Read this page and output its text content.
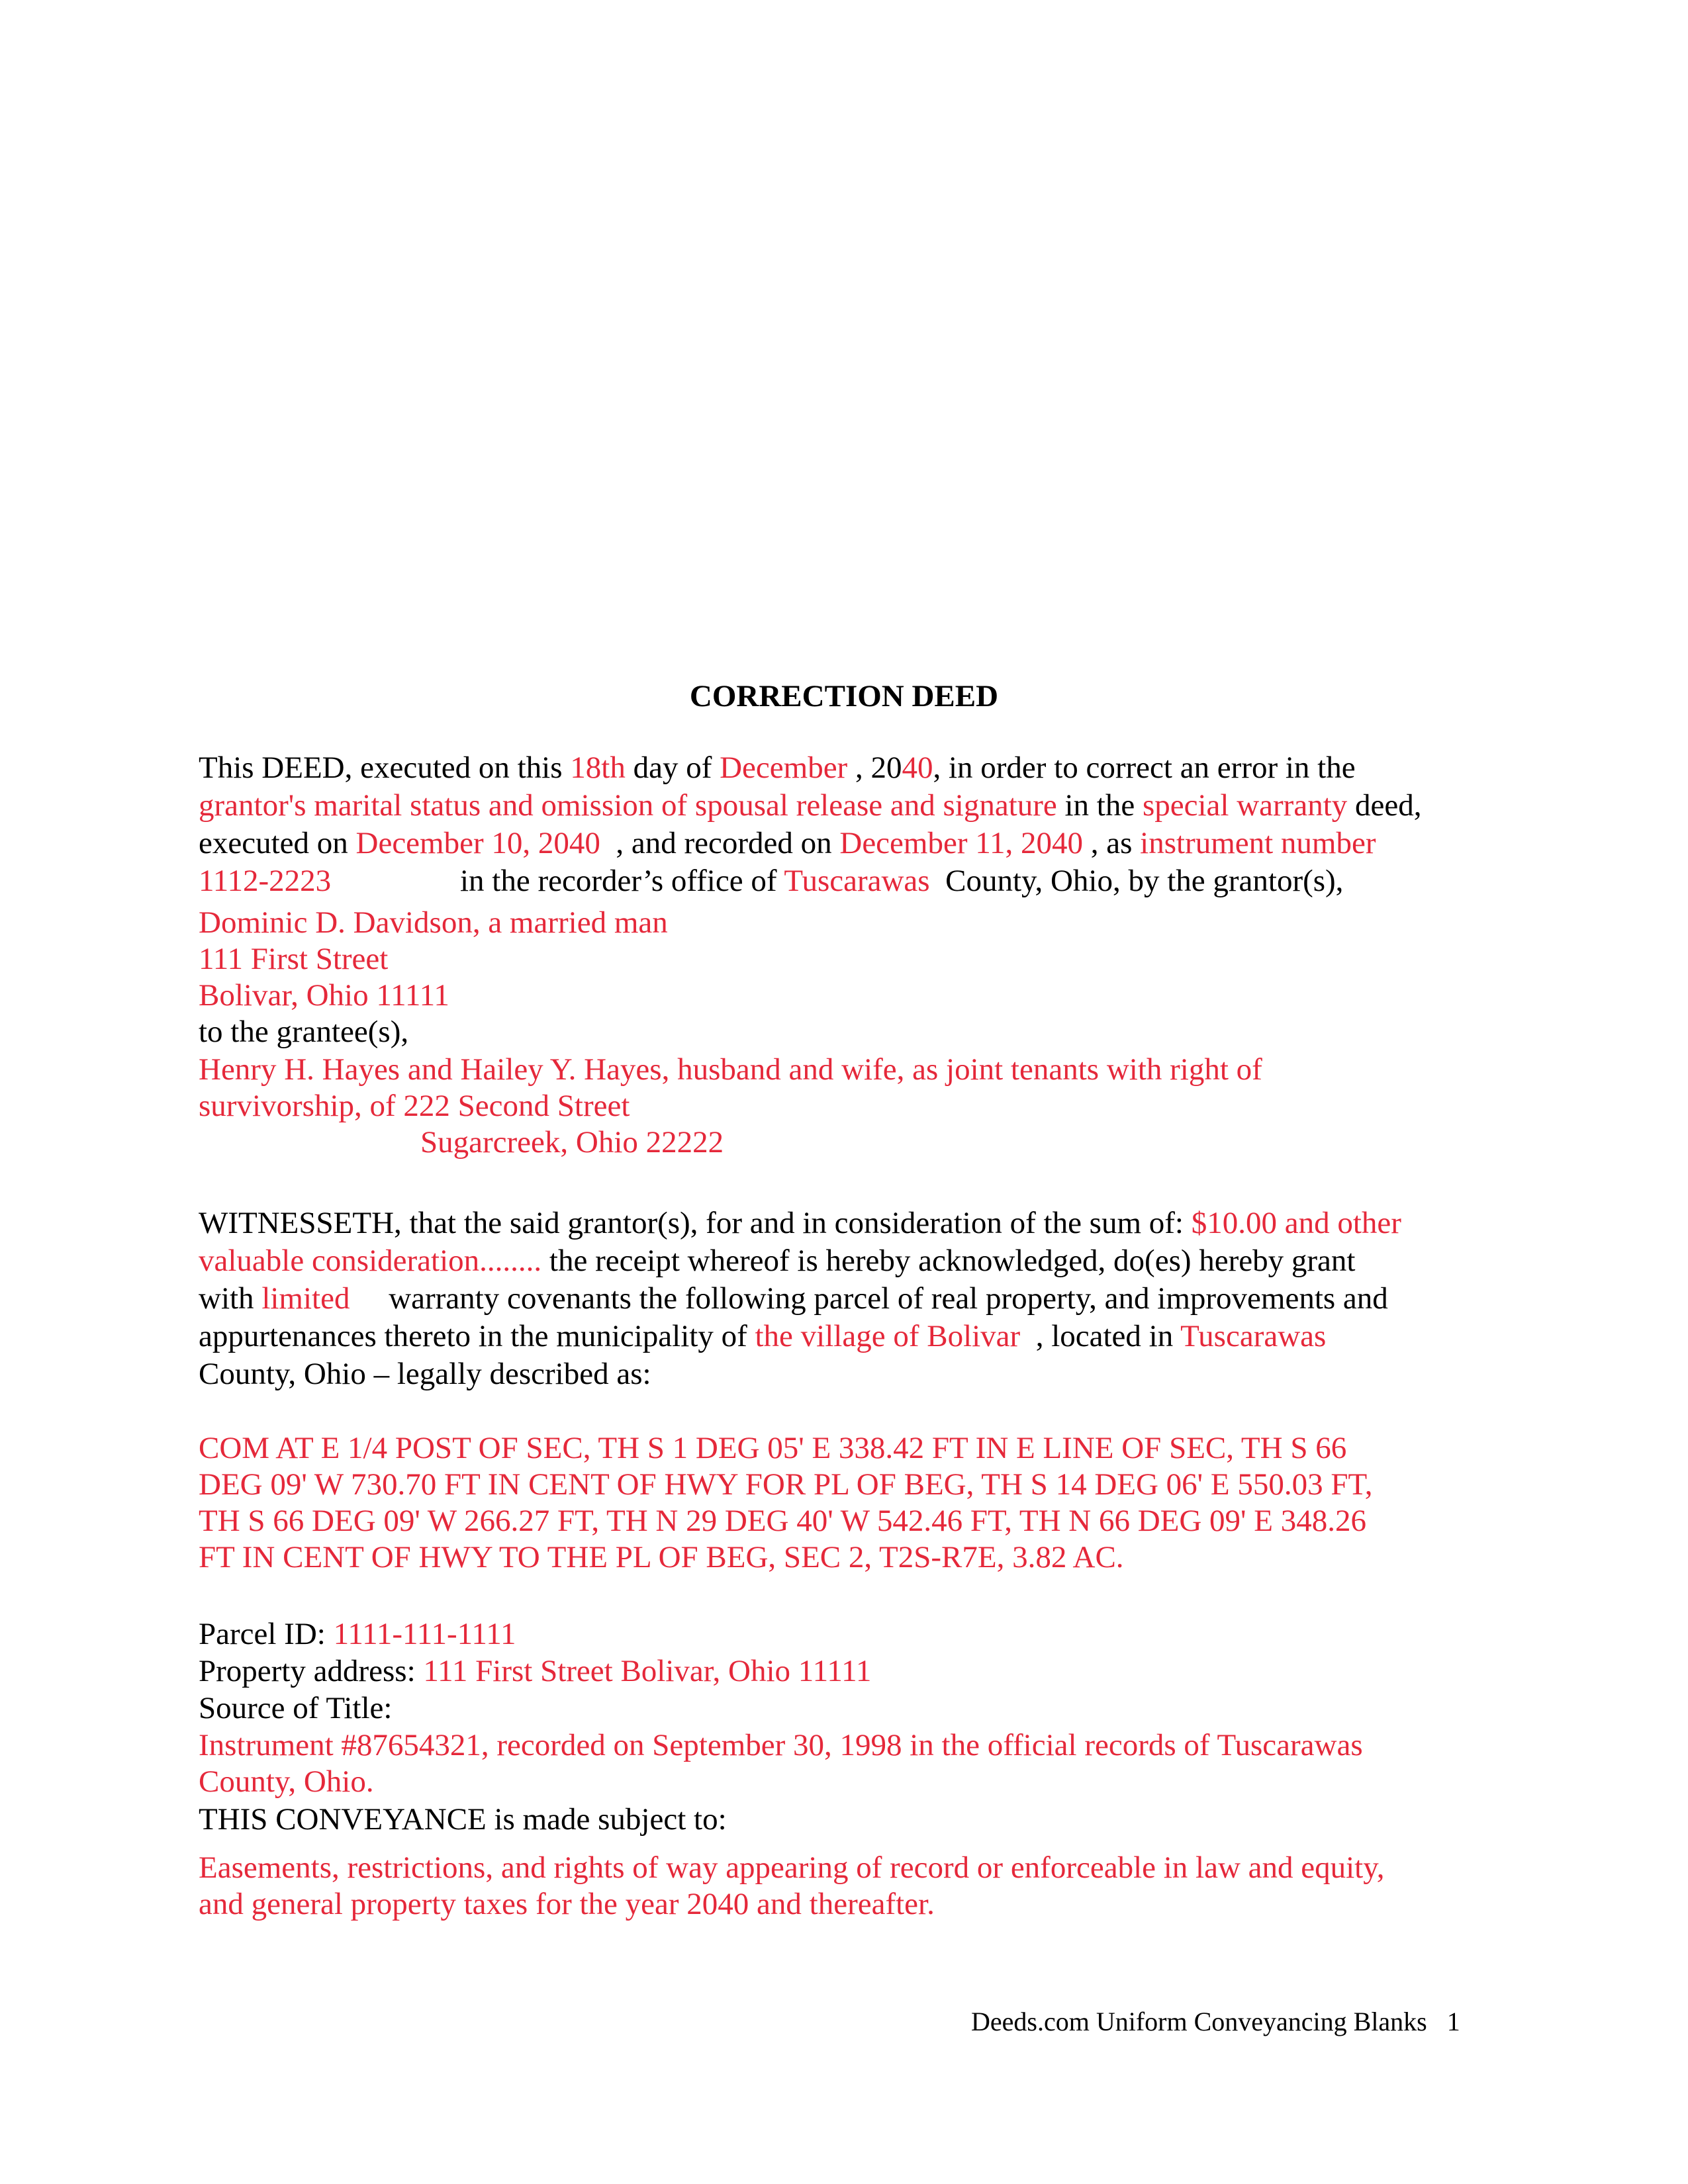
CORRECTION DEED
This DEED, executed on this 18th day of December , 2040, in order to correct an error in the
grantor's marital status and omission of spousal release and signature in the special warranty deed,
executed on December 10, 2040  , and recorded on December 11, 2040 , as instrument number
1112-2223	in the recorder’s office of Tuscarawas  County, Ohio, by the grantor(s),
Dominic D. Davidson, a married man
111 First Street
Bolivar, Ohio 11111
to the grantee(s),
Henry H. Hayes and Hailey Y. Hayes, husband and wife, as joint tenants with right of
survivorship, of 222 Second Street
Sugarcreek, Ohio 22222
WITNESSETH, that the said grantor(s), for and in consideration of the sum of: $10.00 and other
valuable consideration........ the receipt whereof is hereby acknowledged, do(es) hereby grant
with limited     warranty covenants the following parcel of real property, and improvements and
appurtenances thereto in the municipality of the village of Bolivar  , located in Tuscarawas
County, Ohio – legally described as:
COM AT E 1/4 POST OF SEC, TH S 1 DEG 05' E 338.42 FT IN E LINE OF SEC, TH S 66
DEG 09' W 730.70 FT IN CENT OF HWY FOR PL OF BEG, TH S 14 DEG 06' E 550.03 FT,
TH S 66 DEG 09' W 266.27 FT, TH N 29 DEG 40' W 542.46 FT, TH N 66 DEG 09' E 348.26
FT IN CENT OF HWY TO THE PL OF BEG, SEC 2, T2S-R7E, 3.82 AC.
Parcel ID: 1111-111-1111
Property address: 111 First Street Bolivar, Ohio 11111
Source of Title:
Instrument #87654321, recorded on September 30, 1998 in the official records of Tuscarawas
County, Ohio.
THIS CONVEYANCE is made subject to:
Easements, restrictions, and rights of way appearing of record or enforceable in law and equity,
and general property taxes for the year 2040 and thereafter.
Deeds.com Uniform Conveyancing Blanks 1
